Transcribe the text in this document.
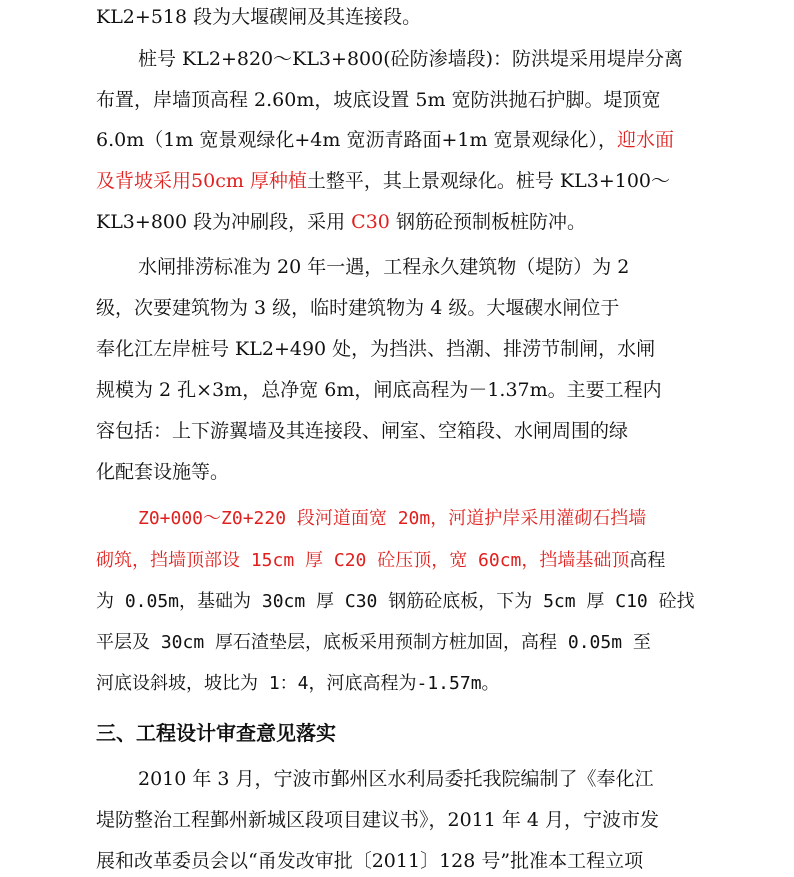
KL2+518 段为大堰碶闸及其连接段。
桩号 KL2+820～KL3+800(砼防渗墙段)：防洪堤采用堤岸分离
布置，岸墙顶高程 2.60m，坡底设置 5m 宽防洪抛石护脚。堤顶宽
6.0m（1m 宽景观绿化+4m 宽沥青路面+1m 宽景观绿化），迎水面
及背坡采用50cm 厚种植土整平，其上景观绿化。桩号 KL3+100～
KL3+800 段为冲刷段，采用 C30 钢筋砼预制板桩防冲。
水闸排涝标准为 20 年一遇，工程永久建筑物（堤防）为 2
级，次要建筑物为 3 级，临时建筑物为 4 级。大堰碶水闸位于
奉化江左岸桩号 KL2+490 处，为挡洪、挡潮、排涝节制闸，水闸
规模为 2 孔×3m，总净宽 6m，闸底高程为－1.37m。主要工程内
容包括：上下游翼墙及其连接段、闸室、空箱段、水闸周围的绿
化配套设施等。
Z0+000～Z0+220 段河道面宽 20m，河道护岸采用灌砌石挡墙
砌筑，挡墙顶部设 15cm 厚 C20 砼压顶，宽 60cm，挡墙基础顶高程
为 0.05m，基础为 30cm 厚 C30 钢筋砼底板，下为 5cm 厚 C10 砼找
平层及 30cm 厚石渣垫层，底板采用预制方桩加固，高程 0.05m 至
河底设斜坡，坡比为 1：4，河底高程为-1.57m。
三、工程设计审查意见落实
2010 年 3 月，宁波市鄞州区水利局委托我院编制了《奉化江
堤防整治工程鄞州新城区段项目建议书》，2011 年 4 月，宁波市发
展和改革委员会以“甬发改审批〔2011〕128 号”批准本工程立项
